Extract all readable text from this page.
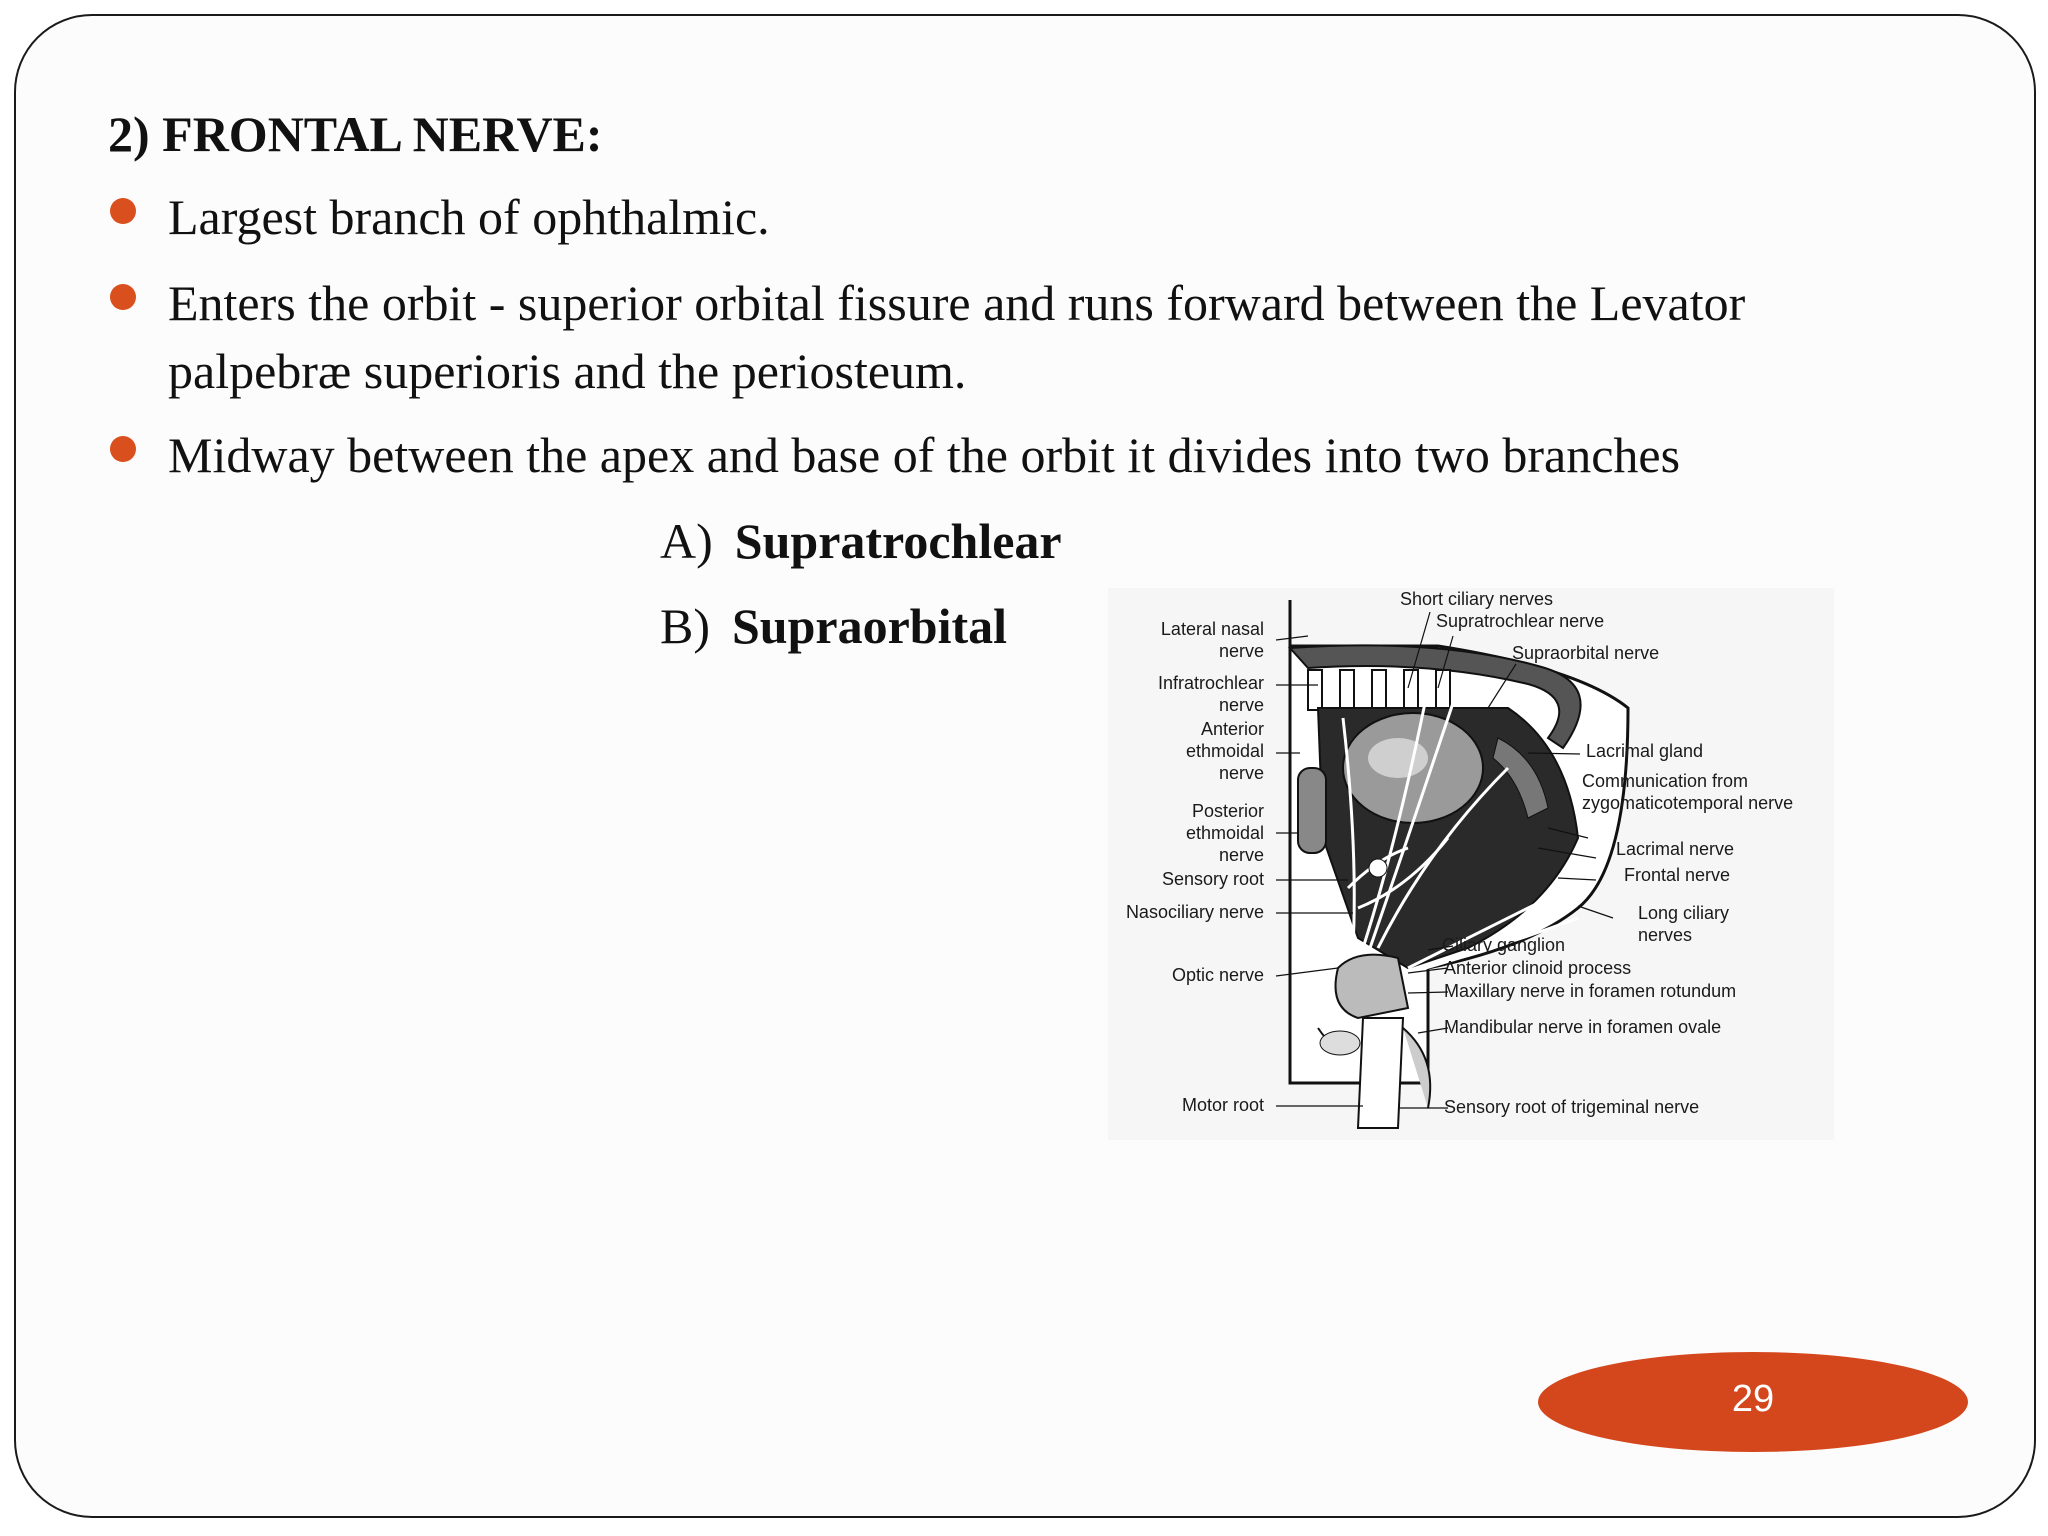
2) FRONTAL NERVE:
Largest branch of ophthalmic.
Enters the orbit - superior orbital fissure and runs forward between the Levator
palpebræ superioris and the periosteum.
Midway between the apex and base of the orbit it divides into two branches
A) Supratrochlear
B) Supraorbital	Lateral nasal
nerve
Infratrochlear
nerve
Anterior
ethmoidal
nerve
Posterior
ethmoidal
nerve
Sensory root
Nasociliary nerve
Optic nerve
Motor root
Short ciliary nerves
Supratrochlear nerve
Supraorbital nerve
Lacrimal gland
Communication from
zygomaticotemporal nerve
Lacrimal nerve
Frontal nerve
Long ciliary
nerves
Ciliary ganglion
Anterior clinoid process
Maxillary nerve in foramen rotundum
Mandibular nerve in foramen ovale
Sensory root of trigeminal nerve
29
